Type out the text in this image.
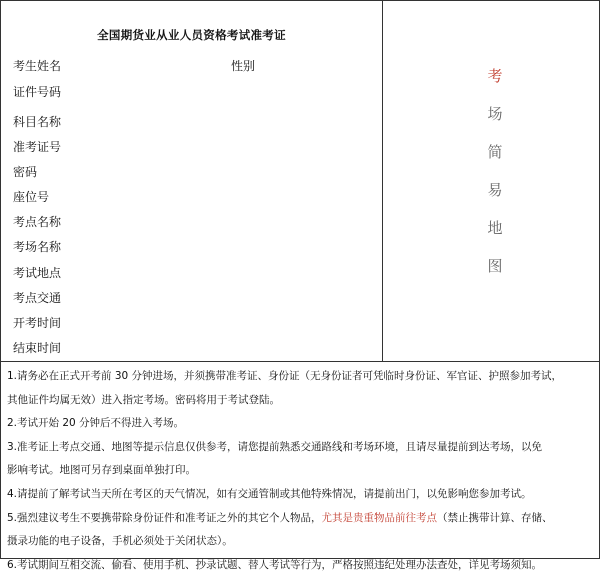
全国期货业从业人员资格考试准考证
考生姓名	性别
证件号码
科目名称
准考证号
密码
座位号
考点名称
考场名称
考试地点
考点交通
开考时间
结束时间
考
场
简
易
地
图

1.请务必在正式开考前 30 分钟进场，并须携带准考证、身份证（无身份证者可凭临时身份证、军官证、护照参加考试，

其他证件均属无效）进入指定考场。密码将用于考试登陆。

2.考试开始 20 分钟后不得进入考场。

3.准考证上考点交通、地图等提示信息仅供参考，请您提前熟悉交通路线和考场环境，且请尽量提前到达考场，以免

影响考试。地图可另存到桌面单独打印。

4.请提前了解考试当天所在考区的天气情况，如有交通管制或其他特殊情况，请提前出门，以免影响您参加考试。

5.强烈建议考生不要携带除身份证件和准考证之外的其它个人物品，尤其是贵重物品前往考点（禁止携带计算、存储、

摄录功能的电子设备，手机必须处于关闭状态）。

6.考试期间互相交流、偷看、使用手机、抄录试题、替人考试等行为，严格按照违纪处理办法查处，详见考场须知。
